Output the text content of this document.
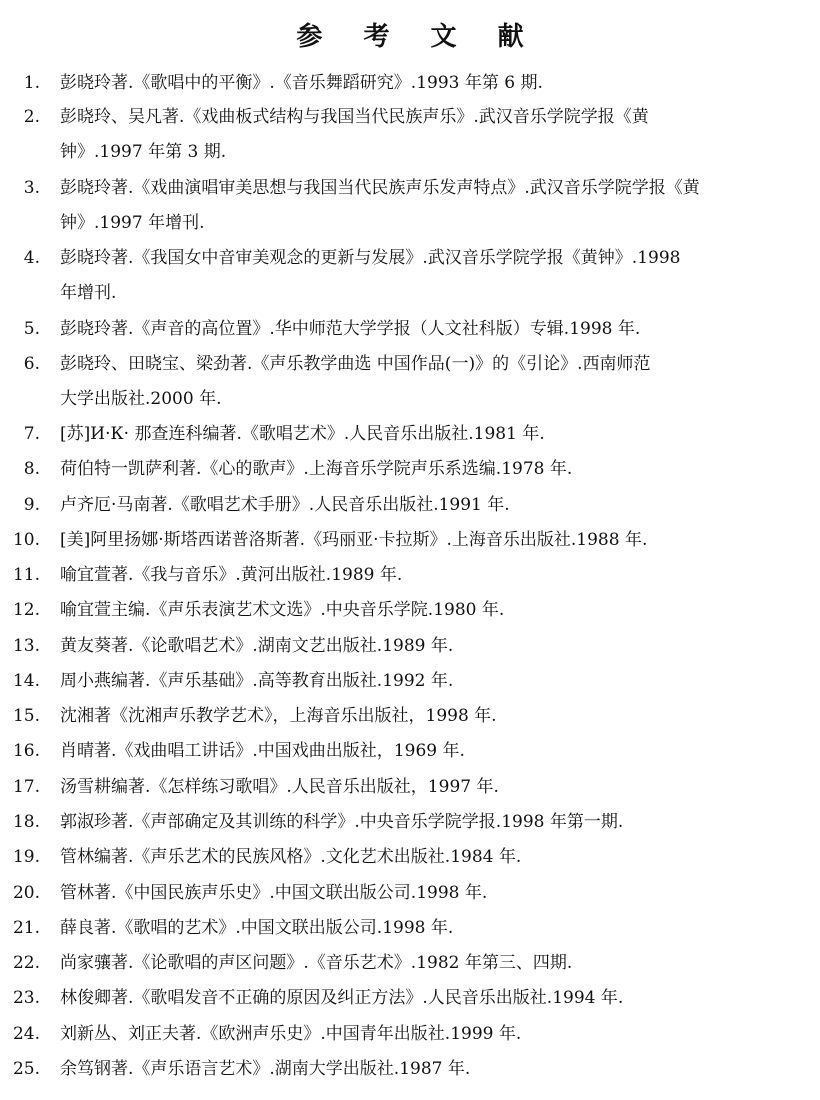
参 考 文 献
1. 彭晓玲著.《歌唱中的平衡》.《音乐舞蹈研究》.1993 年第 6 期.
2. 彭晓玲、吴凡著.《戏曲板式结构与我国当代民族声乐》.武汉音乐学院学报《黄
钟》.1997 年第 3 期.
3. 彭晓玲著.《戏曲演唱审美思想与我国当代民族声乐发声特点》.武汉音乐学院学报《黄
钟》.1997 年增刊.
4. 彭晓玲著.《我国女中音审美观念的更新与发展》.武汉音乐学院学报《黄钟》.1998
年增刊.
5. 彭晓玲著.《声音的高位置》.华中师范大学学报（人文社科版）专辑.1998 年.
6. 彭晓玲、田晓宝、梁劲著.《声乐教学曲选 中国作品(一)》的《引论》.西南师范
大学出版社.2000 年.
7. [苏]И·К· 那查连科编著.《歌唱艺术》.人民音乐出版社.1981 年.
8. 荷伯特一凯萨利著.《心的歌声》.上海音乐学院声乐系选编.1978 年.
9. 卢齐厄·马南著.《歌唱艺术手册》.人民音乐出版社.1991 年.
10. [美]阿里扬娜·斯塔西诺普洛斯著.《玛丽亚·卡拉斯》.上海音乐出版社.1988 年.
11. 喻宜萱著.《我与音乐》.黄河出版社.1989 年.
12. 喻宜萱主编.《声乐表演艺术文选》.中央音乐学院.1980 年.
13. 黄友葵著.《论歌唱艺术》.湖南文艺出版社.1989 年.
14. 周小燕编著.《声乐基础》.高等教育出版社.1992 年.
15. 沈湘著《沈湘声乐教学艺术》，上海音乐出版社，1998 年.
16. 肖晴著.《戏曲唱工讲话》.中国戏曲出版社，1969 年.
17. 汤雪耕编著.《怎样练习歌唱》.人民音乐出版社，1997 年.
18. 郭淑珍著.《声部确定及其训练的科学》.中央音乐学院学报.1998 年第一期.
19. 管林编著.《声乐艺术的民族风格》.文化艺术出版社.1984 年.
20. 管林著.《中国民族声乐史》.中国文联出版公司.1998 年.
21. 薛良著.《歌唱的艺术》.中国文联出版公司.1998 年.
22. 尚家骧著.《论歌唱的声区问题》.《音乐艺术》.1982 年第三、四期.
23. 林俊卿著.《歌唱发音不正确的原因及纠正方法》.人民音乐出版社.1994 年.
24. 刘新丛、刘正夫著.《欧洲声乐史》.中国青年出版社.1999 年.
25. 余笃钢著.《声乐语言艺术》.湖南大学出版社.1987 年.
